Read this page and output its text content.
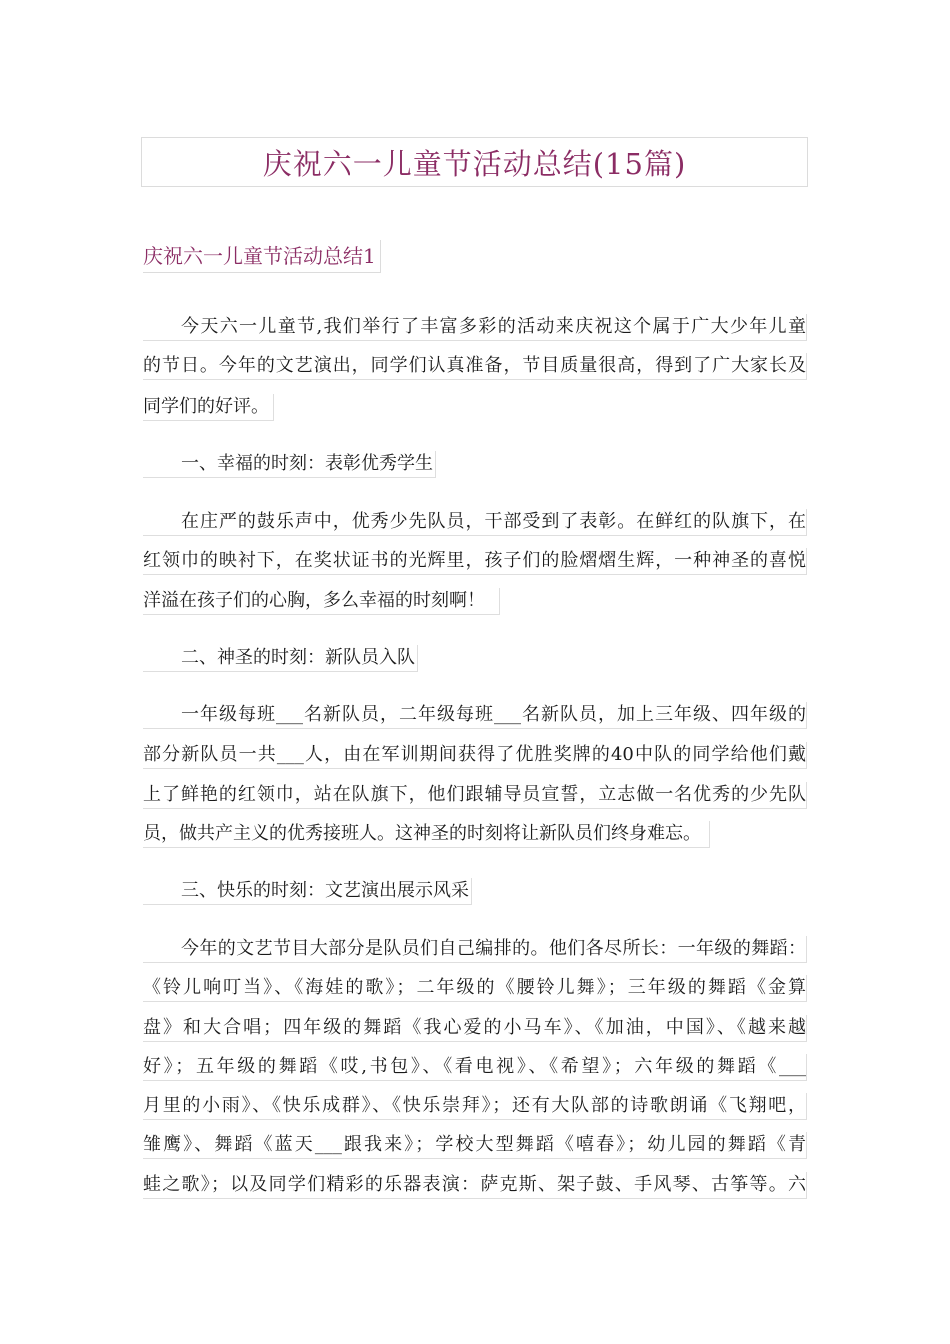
庆祝六一儿童节活动总结(15篇)
庆祝六一儿童节活动总结1
今天六一儿童节,我们举行了丰富多彩的活动来庆祝这个属于广大少年儿童
的节日。今年的文艺演出，同学们认真准备，节目质量很高，得到了广大家长及
同学们的好评。
一、幸福的时刻：表彰优秀学生
在庄严的鼓乐声中，优秀少先队员，干部受到了表彰。在鲜红的队旗下，在
红领巾的映衬下，在奖状证书的光辉里，孩子们的脸熠熠生辉，一种神圣的喜悦
洋溢在孩子们的心胸，多么幸福的时刻啊！
二、神圣的时刻：新队员入队
一年级每班___名新队员，二年级每班___名新队员，加上三年级、四年级的
部分新队员一共___人，由在军训期间获得了优胜奖牌的40中队的同学给他们戴
上了鲜艳的红领巾，站在队旗下，他们跟辅导员宣誓，立志做一名优秀的少先队
员，做共产主义的优秀接班人。这神圣的时刻将让新队员们终身难忘。
三、快乐的时刻：文艺演出展示风采
今年的文艺节目大部分是队员们自己编排的。他们各尽所长：一年级的舞蹈：
《铃儿响叮当》、《海娃的歌》；二年级的《腰铃儿舞》；三年级的舞蹈《金算
盘》和大合唱；四年级的舞蹈《我心爱的小马车》、《加油，中国》、《越来越
好》；五年级的舞蹈《哎,书包》、《看电视》、《希望》；六年级的舞蹈《___
月里的小雨》、《快乐成群》、《快乐崇拜》；还有大队部的诗歌朗诵《飞翔吧，
雏鹰》、舞蹈《蓝天___跟我来》；学校大型舞蹈《嘻春》；幼儿园的舞蹈《青
蛙之歌》；以及同学们精彩的乐器表演：萨克斯、架子鼓、手风琴、古筝等。六
